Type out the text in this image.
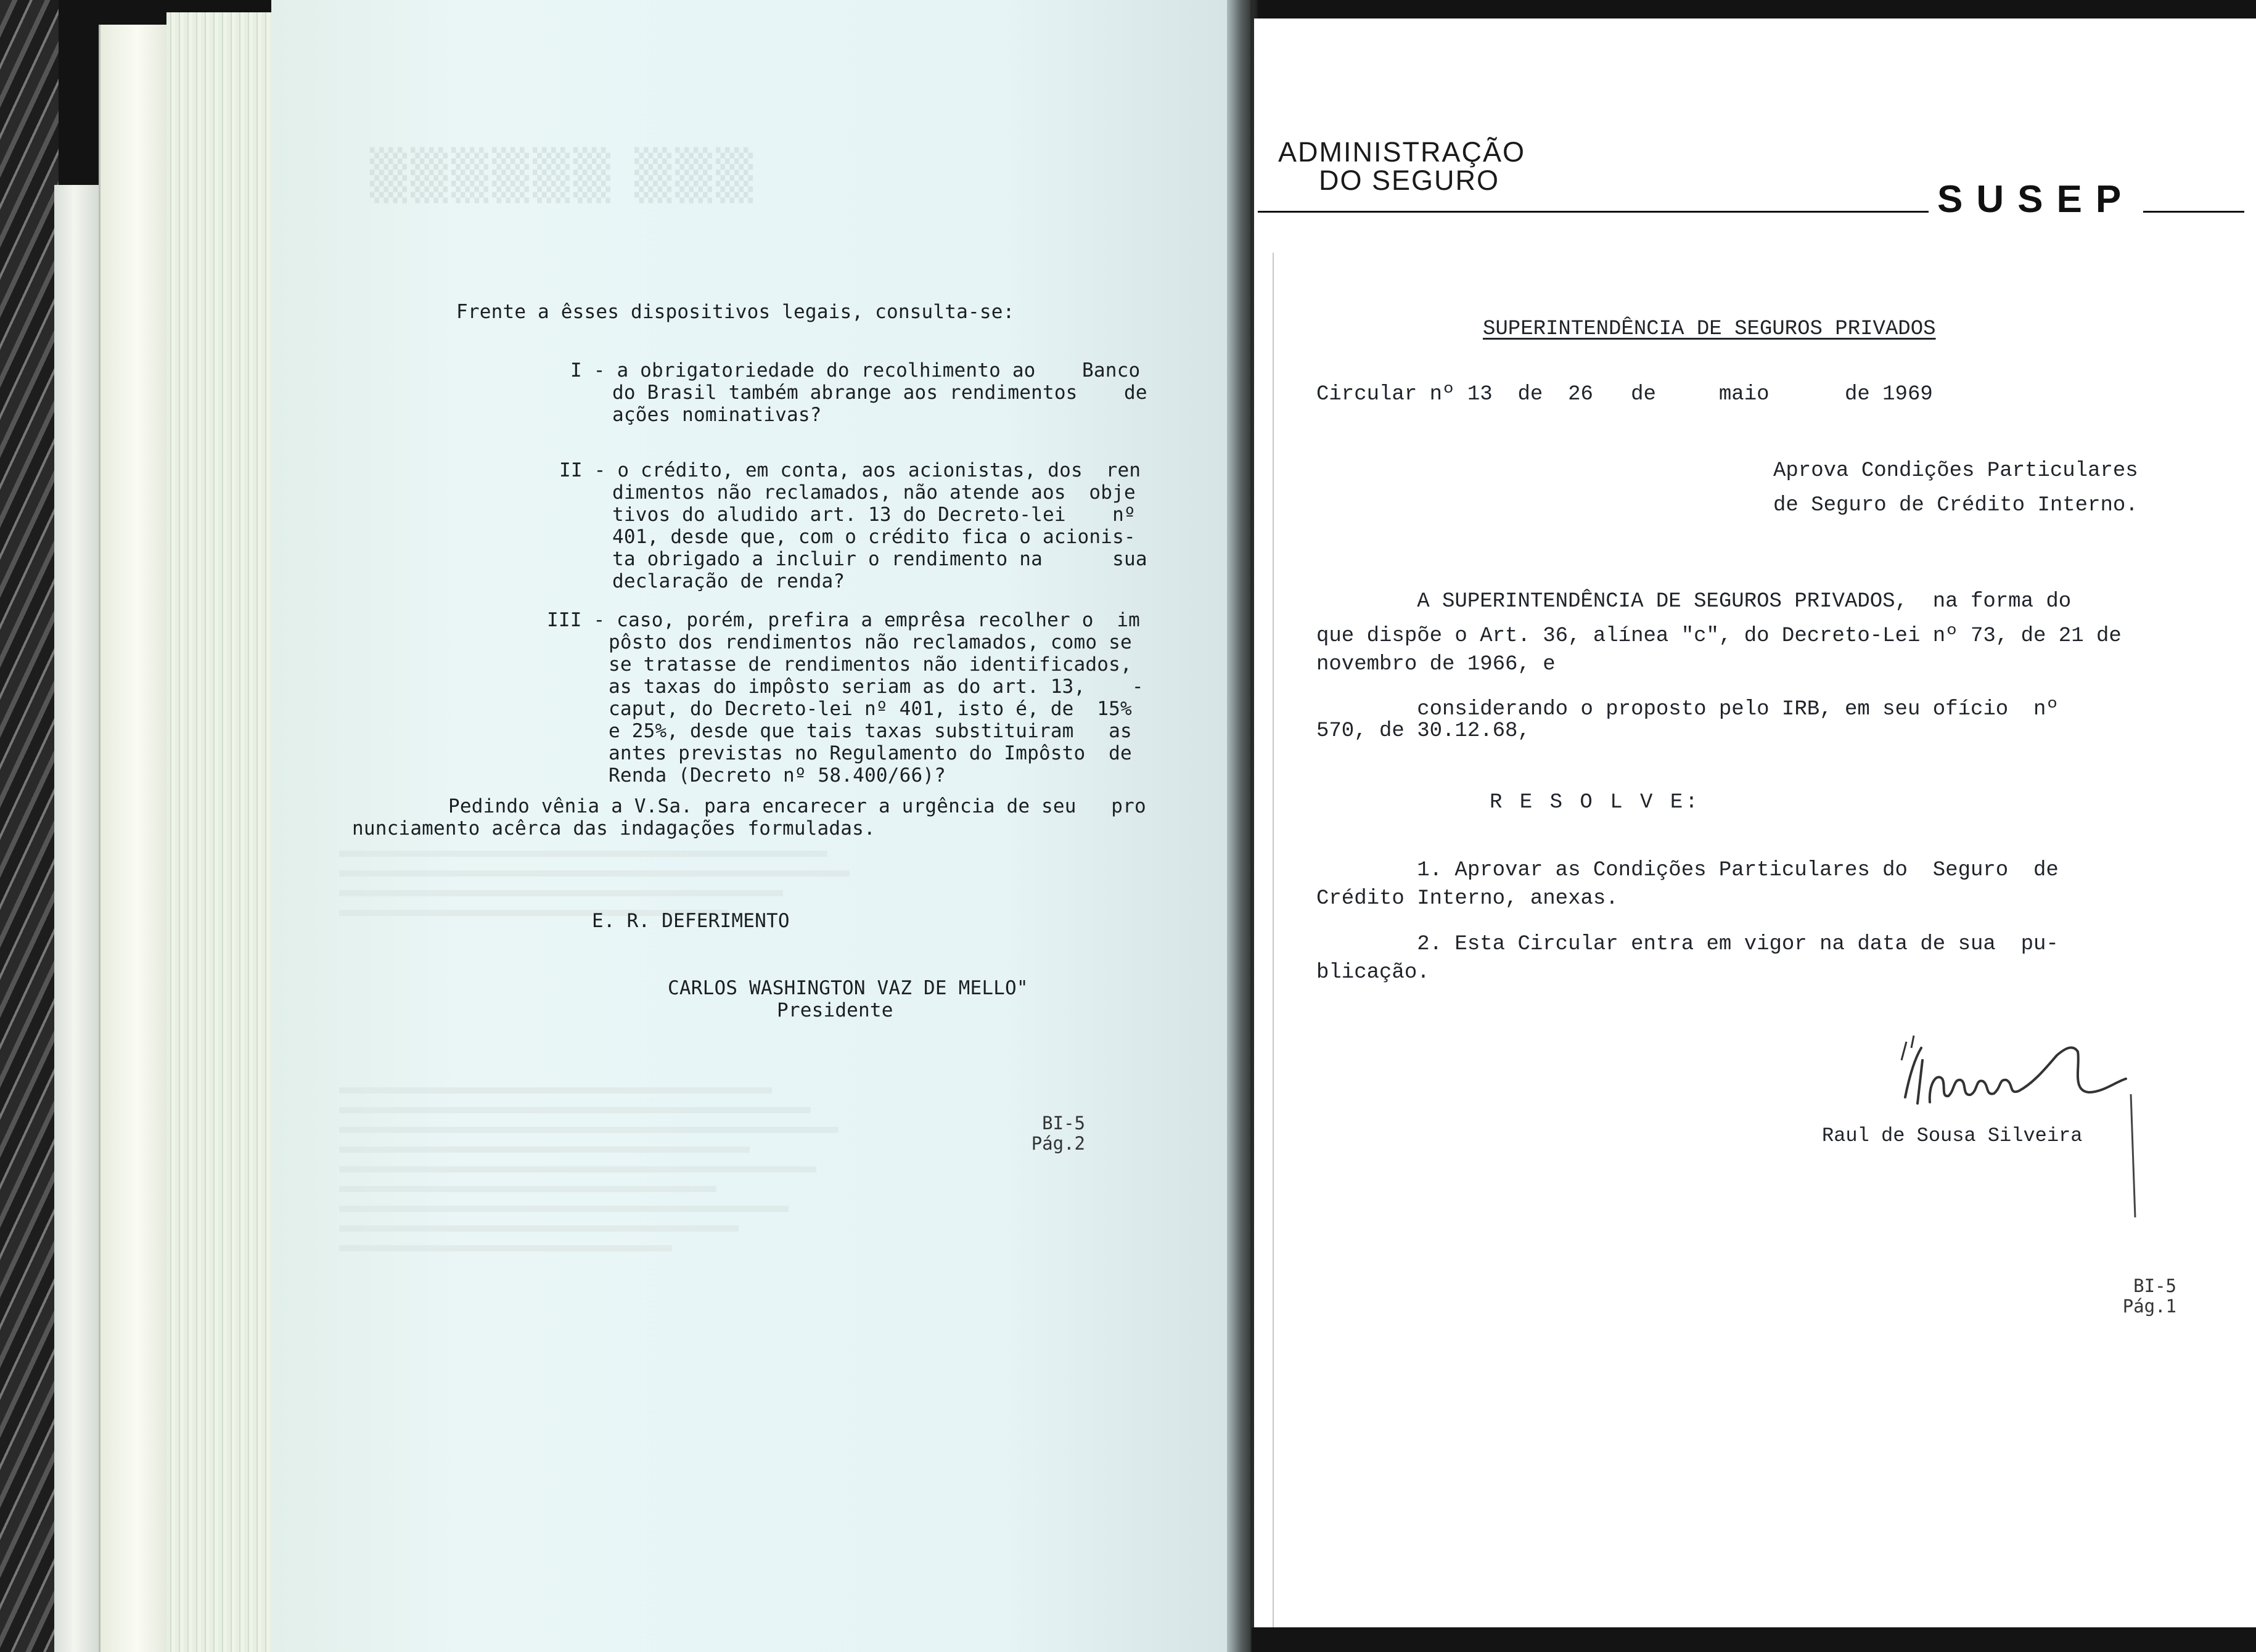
▒▒▒▒▒▒ ▒▒▒
Frente a êsses dispositivos legais, consulta-se:
I - a obrigatoriedade do recolhimento ao    Banco
do Brasil também abrange aos rendimentos    de
ações nominativas?
II - o crédito, em conta, aos acionistas, dos  ren
dimentos não reclamados, não atende aos  obje
tivos do aludido art. 13 do Decreto-lei    nº
401, desde que, com o crédito fica o acionis-
ta obrigado a incluir o rendimento na      sua
declaração de renda?
III - caso, porém, prefira a emprêsa recolher o  im
pôsto dos rendimentos não reclamados, como se
se tratasse de rendimentos não identificados,
as taxas do impôsto seriam as do art. 13,    -
caput, do Decreto-lei nº 401, isto é, de  15%
e 25%, desde que tais taxas substituiram   as
antes previstas no Regulamento do Impôsto  de
Renda (Decreto nº 58.400/66)?
Pedindo vênia a V.Sa. para encarecer a urgência de seu   pro
nunciamento acêrca das indagações formuladas.
E. R. DEFERIMENTO
CARLOS WASHINGTON VAZ DE MELLO"
Presidente
BI-5
Pág.2
ADMINISTRAÇÃO
DO SEGURO	SUSEP
SUPERINTENDÊNCIA DE SEGUROS PRIVADOS
Circular nº 13  de  26   de     maio      de 1969
Aprova Condições Particulares
de Seguro de Crédito Interno.
A SUPERINTENDÊNCIA DE SEGUROS PRIVADOS,  na forma do
que dispõe o Art. 36, alínea "c", do Decreto-Lei nº 73, de 21 de
novembro de 1966, e
considerando o proposto pelo IRB, em seu ofício  nº
570, de 30.12.68,
R E S O L V E:
1. Aprovar as Condições Particulares do  Seguro  de
Crédito Interno, anexas.
2. Esta Circular entra em vigor na data de sua  pu-
blicação.
Raul de Sousa Silveira
BI-5
Pág.1
